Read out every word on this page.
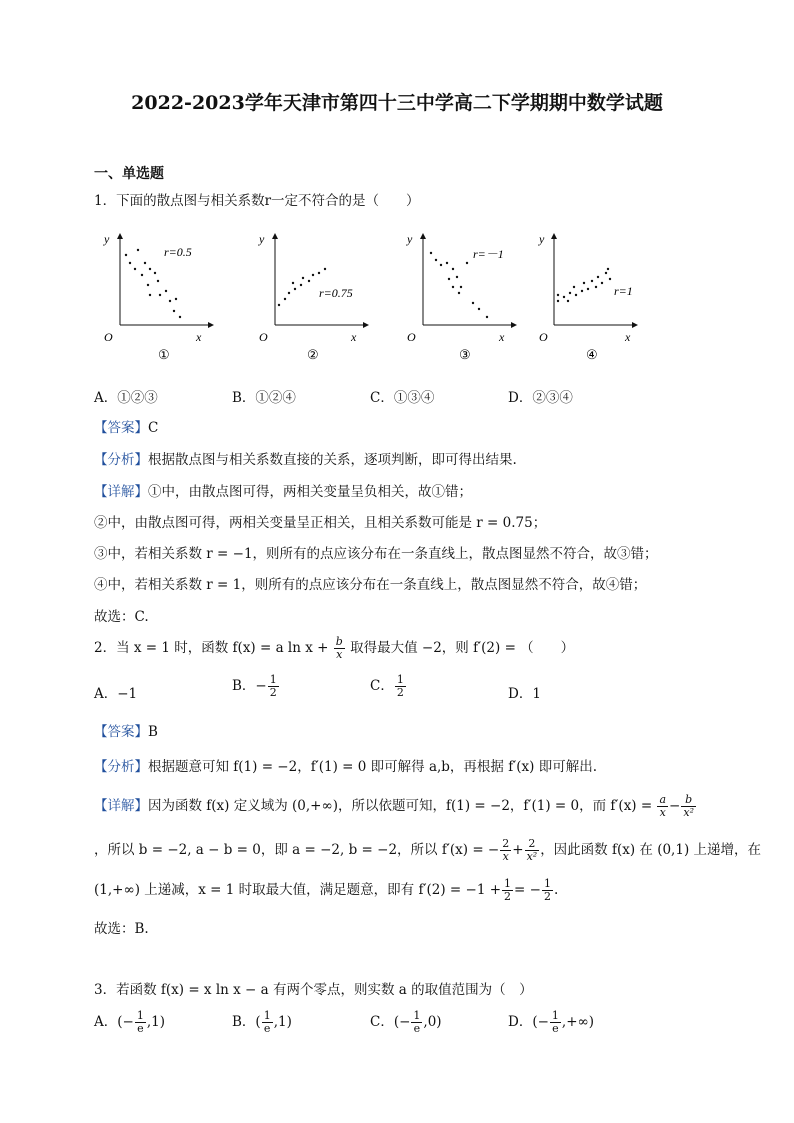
2022-2023学年天津市第四十三中学高二下学期期中数学试题
一、单选题
1．下面的散点图与相关系数r一定不符合的是（　　）
y
x
O
r=0.5
①
y
x
O
r=0.75
②
y
x
O
r=－1
③
y
x
O
r=1
④
A．①②③	B．①②④	C．①③④	D．②③④
【答案】C
【分析】根据散点图与相关系数直接的关系，逐项判断，即可得出结果.
【详解】①中，由散点图可得，两相关变量呈负相关，故①错；
②中，由散点图可得，两相关变量呈正相关，且相关系数可能是 r = 0.75；
③中，若相关系数 r = −1，则所有的点应该分布在一条直线上，散点图显然不符合，故③错；
④中，若相关系数 r = 1，则所有的点应该分布在一条直线上，散点图显然不符合，故④错；
故选：C.
2．当 x = 1 时，函数 f(x) = a $\ln x + \frac{b}{x}$ 取得最大值 −2，则 f′(2) = （　　）
A．−1	B．− $\frac{1}{2}$	C． $\frac{1}{2}$	D．1
【答案】B
【分析】根据题意可知 f(1) = −2，f′(1) = 0 即可解得 a,b，再根据 f′(x) 即可解出.
【详解】因为函数 f(x) 定义域为 (0,+∞)，所以依题可知，f(1) = −2，f′(1) = 0，而 $f'(x) = \frac{a}{x} - \frac{b}{\text{x²}}$
，所以 b = −2, a − b = 0，即 a = −2, b = −2，所以 f′(x) = − $\frac{2}{x} + \frac{2}{\text{x²}}$ ，因此函数 f(x) 在 (0,1) 上递增，在
(1,+∞) 上递减，x = 1 时取最大值，满足题意，即有 $f'(2) = -1 + \frac{1}{2}$ = − $\frac{1}{2}$ .
故选：B.
3．若函数 f(x) = x ln x − a 有两个零点，则实数 a 的取值范围为（　）
A．(− $\frac{1}{e} ,1$)	B．( $\frac{1}{e} ,1$)	C．(− $\frac{1}{e} ,0$)	D．(− $\frac{1}{e}$ ,+∞)
